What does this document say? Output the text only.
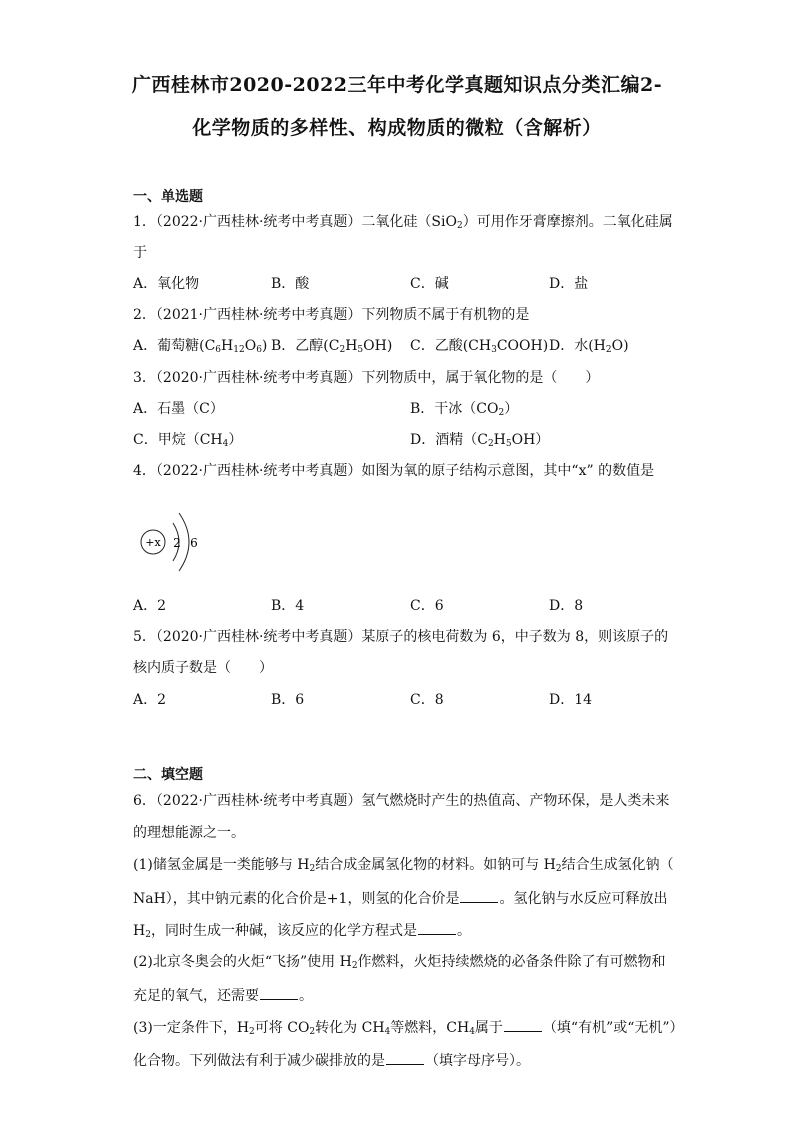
广西桂林市2020-2022三年中考化学真题知识点分类汇编2-
化学物质的多样性、构成物质的微粒（含解析）
一、单选题
1．（2022·广西桂林·统考中考真题）二氧化硅（SiO$_2$）可用作牙膏摩擦剂。二氧化硅属
于
A．氧化物	B．酸	C．碱	D．盐
2．（2021·广西桂林·统考中考真题）下列物质不属于有机物的是
A．葡萄糖$(C_6H_{12}O_6)$ B．乙醇$(C_2H_5OH)$ C．乙酸$(CH_3COOH)$ D．水$(H_2O)$
3．（2020·广西桂林·统考中考真题）下列物质中，属于氧化物的是（　　）
A．石墨（C）	B．干冰$(CO_2)$
C．甲烷$(CH_4)$	D．酒精$(C_2H_5OH)$
4．（2022·广西桂林·统考中考真题）如图为氧的原子结构示意图，其中“x” 的数值是
+x 2 6
A．2	B．4	C．6	D．8
5．（2020·广西桂林·统考中考真题）某原子的核电荷数为 6，中子数为 8，则该原子的
核内质子数是（　　）
A．2	B．6	C．8	D．14
二、填空题
6．（2022·广西桂林·统考中考真题）氢气燃烧时产生的热值高、产物环保，是人类未来
的理想能源之一。
(1)储氢金属是一类能够与 $H_2$结合成金属氢化物的材料。如钠可与 $H_2$结合生成氢化钠（
NaH），其中钠元素的化合价是+1，则氢的化合价是	。氢化钠与水反应可释放出
$H_2$，同时生成一种碱，该反应的化学方程式是	。
(2)北京冬奥会的火炬“飞扬”使用 $H_2$作燃料，火炬持续燃烧的必备条件除了有可燃物和
充足的氧气，还需要	。
(3)一定条件下，$H_2$可将 $CO_2$转化为 $CH_4$等燃料，$CH_4$属于	（填“有机”或“无机”）
化合物。下列做法有利于减少碳排放的是	（填字母序号）。
